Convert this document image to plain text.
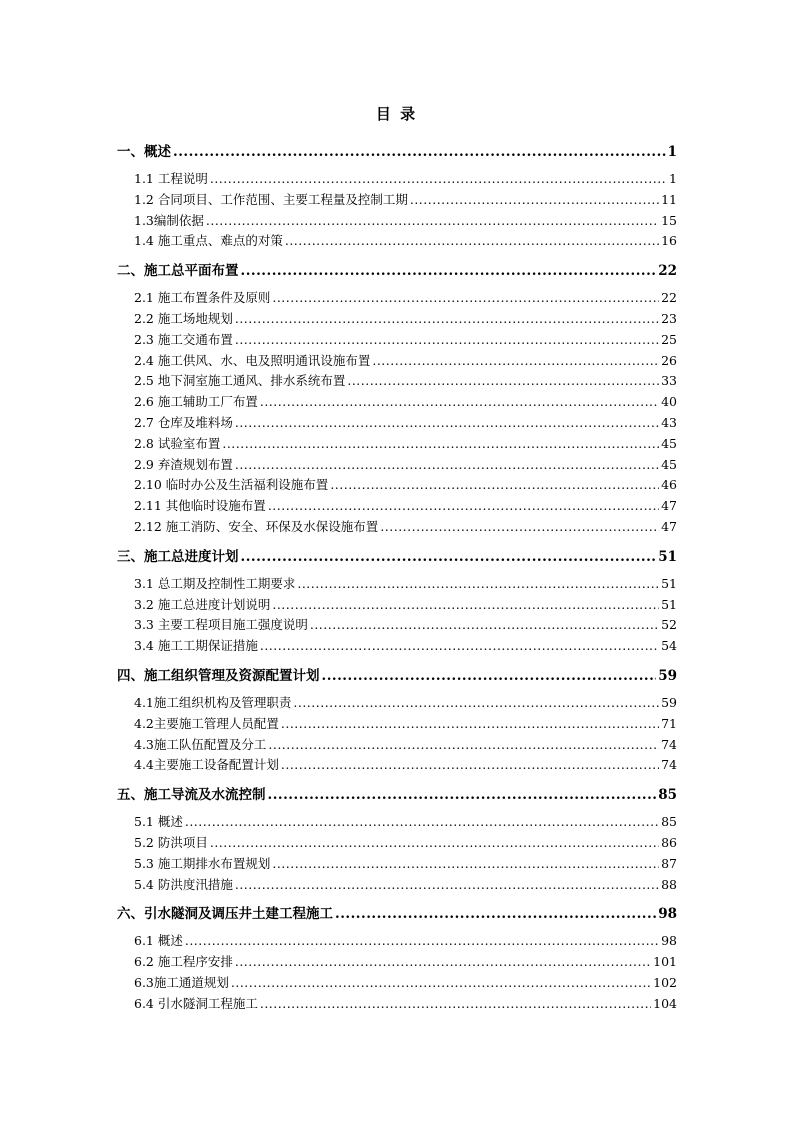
目 录
一、概述 .....	1
1.1 工程说明 .....	1
1.2 合同项目、工作范围、主要工程量及控制工期 .....	11
1.3编制依据 .....	15
1.4 施工重点、难点的对策 .....	16
二、施工总平面布置 .....	22
2.1 施工布置条件及原则 .....	22
2.2 施工场地规划 .....	23
2.3 施工交通布置 .....	25
2.4 施工供风、水、电及照明通讯设施布置 .....	26
2.5 地下洞室施工通风、排水系统布置 .....	33
2.6 施工辅助工厂布置 .....	40
2.7 仓库及堆料场 .....	43
2.8 试验室布置 .....	45
2.9 弃渣规划布置 .....	45
2.10 临时办公及生活福利设施布置 .....	46
2.11 其他临时设施布置 .....	47
2.12 施工消防、安全、环保及水保设施布置 .....	47
三、施工总进度计划 .....	51
3.1 总工期及控制性工期要求 .....	51
3.2 施工总进度计划说明 .....	51
3.3 主要工程项目施工强度说明 .....	52
3.4 施工工期保证措施 .....	54
四、施工组织管理及资源配置计划 .....	59
4.1施工组织机构及管理职责 .....	59
4.2主要施工管理人员配置 .....	71
4.3施工队伍配置及分工 .....	74
4.4主要施工设备配置计划 .....	74
五、施工导流及水流控制 .....	85
5.1 概述 .....	85
5.2 防洪项目 .....	86
5.3 施工期排水布置规划 .....	87
5.4 防洪度汛措施 .....	88
六、引水隧洞及调压井土建工程施工 .....	98
6.1 概述 .....	98
6.2 施工程序安排 .....	101
6.3施工通道规划 .....	102
6.4 引水隧洞工程施工 .....	104
